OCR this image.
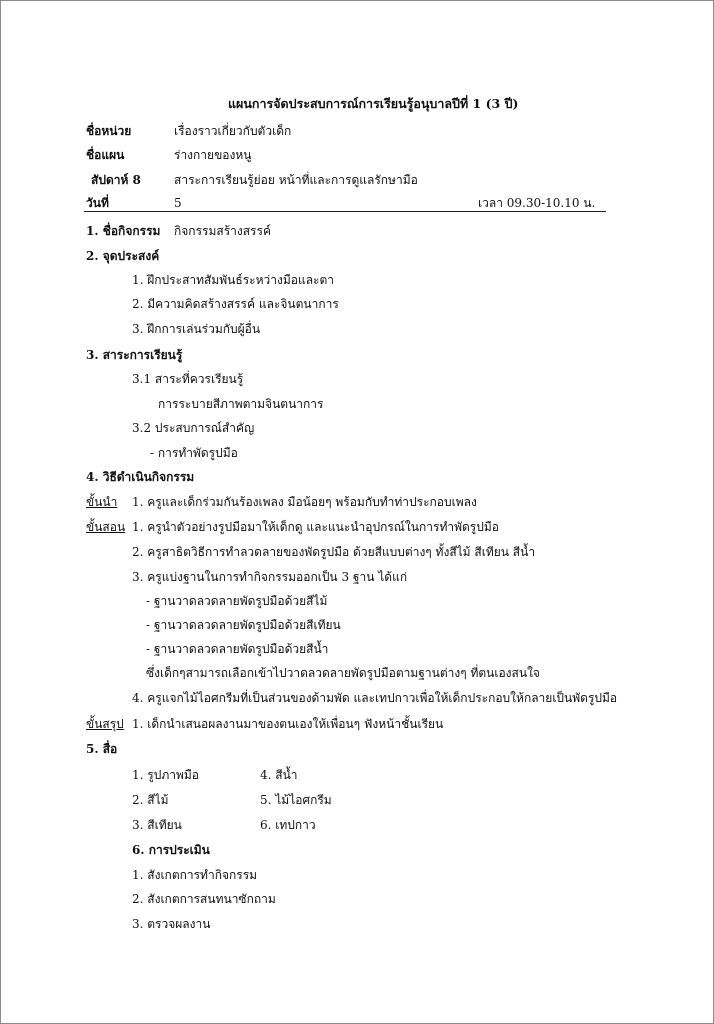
แผนการจัดประสบการณ์การเรียนรู้อนุบาลปีที่ 1 (3 ปี)
ชื่อหน่วย	เรื่องราวเกี่ยวกับตัวเด็ก
ชื่อแผน	ร่างกายของหนู
สัปดาห์ 8	สาระการเรียนรู้ย่อย หน้าที่และการดูแลรักษามือ
วันที่	5	เวลา 09.30-10.10 น.
1. ชื่อกิจกรรม กิจกรรมสร้างสรรค์
2. จุดประสงค์
1. ฝึกประสาทสัมพันธ์ระหว่างมือและตา
2. มีความคิดสร้างสรรค์ และจินตนาการ
3. ฝึกการเล่นร่วมกับผู้อื่น
3. สาระการเรียนรู้
3.1 สาระที่ควรเรียนรู้
การระบายสีภาพตามจินตนาการ
3.2 ประสบการณ์สำคัญ
- การทำพัดรูปมือ
4. วิธีดำเนินกิจกรรม
ขั้นนำ 1. ครูและเด็กร่วมกันร้องเพลง มือน้อยๆ พร้อมกับทำท่าประกอบเพลง
ขั้นสอน 1. ครูนำตัวอย่างรูปมือมาให้เด็กดู และแนะนำอุปกรณ์ในการทำพัดรูปมือ
2. ครูสาธิตวิธีการทำลวดลายของพัดรูปมือ ด้วยสีแบบต่างๆ ทั้งสีไม้ สีเทียน สีน้ำ
3. ครูแบ่งฐานในการทำกิจกรรมออกเป็น 3 ฐาน ได้แก่
- ฐานวาดลวดลายพัดรูปมือด้วยสีไม้
- ฐานวาดลวดลายพัดรูปมือด้วยสีเทียน
- ฐานวาดลวดลายพัดรูปมือด้วยสีน้ำ
ซึ่งเด็กๆสามารถเลือกเข้าไปวาดลวดลายพัดรูปมือตามฐานต่างๆ ที่ตนเองสนใจ
4. ครูแจกไม้ไอศกรีมที่เป็นส่วนของด้ามพัด และเทปกาวเพื่อให้เด็กประกอบให้กลายเป็นพัดรูปมือ
ขั้นสรุป 1. เด็กนำเสนอผลงานมาของตนเองให้เพื่อนๆ ฟังหน้าชั้นเรียน
5. สื่อ
1. รูปภาพมือ	4. สีน้ำ
2. สีไม้	5. ไม้ไอศกรีม
3. สีเทียน	6. เทปกาว
6. การประเมิน
1. สังเกตการทำกิจกรรม
2. สังเกตการสนทนาซักถาม
3. ตรวจผลงาน
